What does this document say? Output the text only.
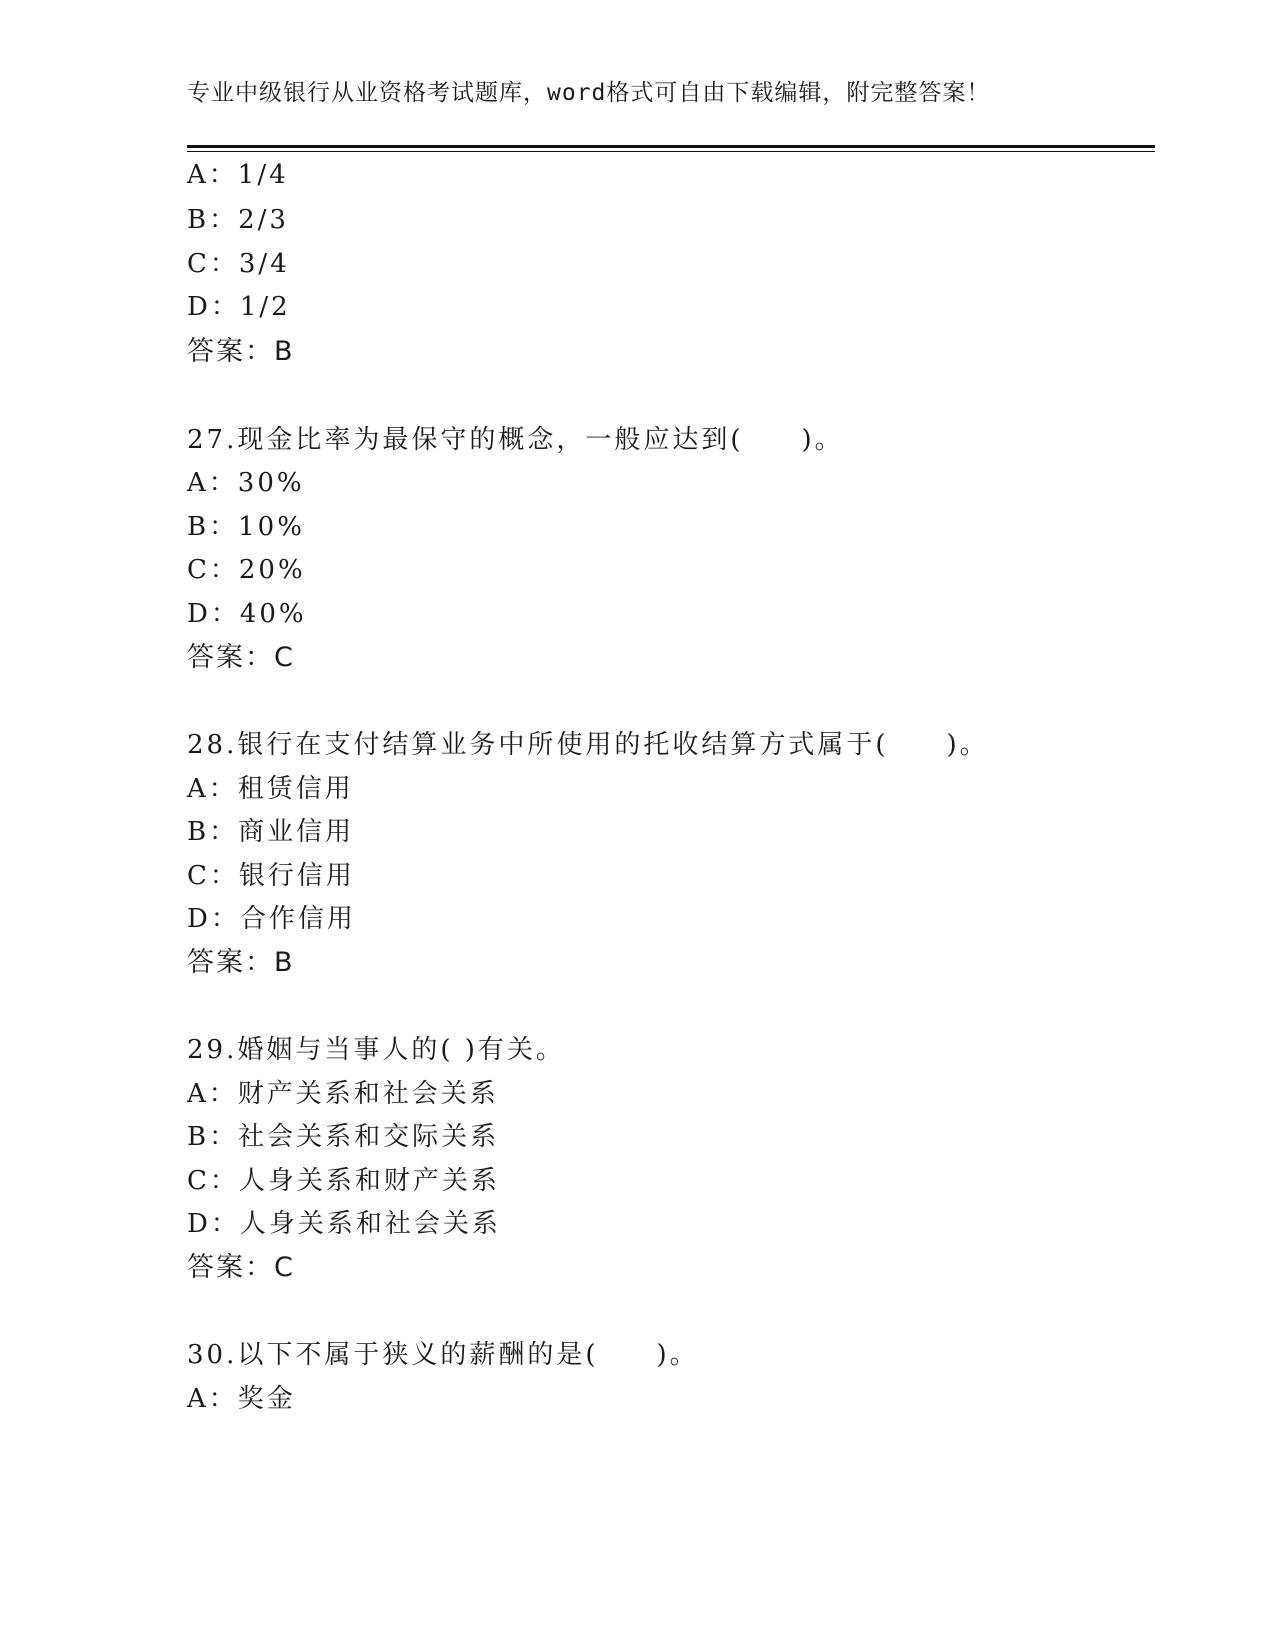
专业中级银行从业资格考试题库，word格式可自由下载编辑，附完整答案！
A：1/4
B：2/3
C：3/4
D：1/2
答案：B
27.现金比率为最保守的概念，一般应达到(　　)。
A：30%
B：10%
C：20%
D：40%
答案：C
28.银行在支付结算业务中所使用的托收结算方式属于(　　)。
A：租赁信用
B：商业信用
C：银行信用
D：合作信用
答案：B
29.婚姻与当事人的( )有关。
A：财产关系和社会关系
B：社会关系和交际关系
C：人身关系和财产关系
D：人身关系和社会关系
答案：C
30.以下不属于狭义的薪酬的是(　　)。
A：奖金
